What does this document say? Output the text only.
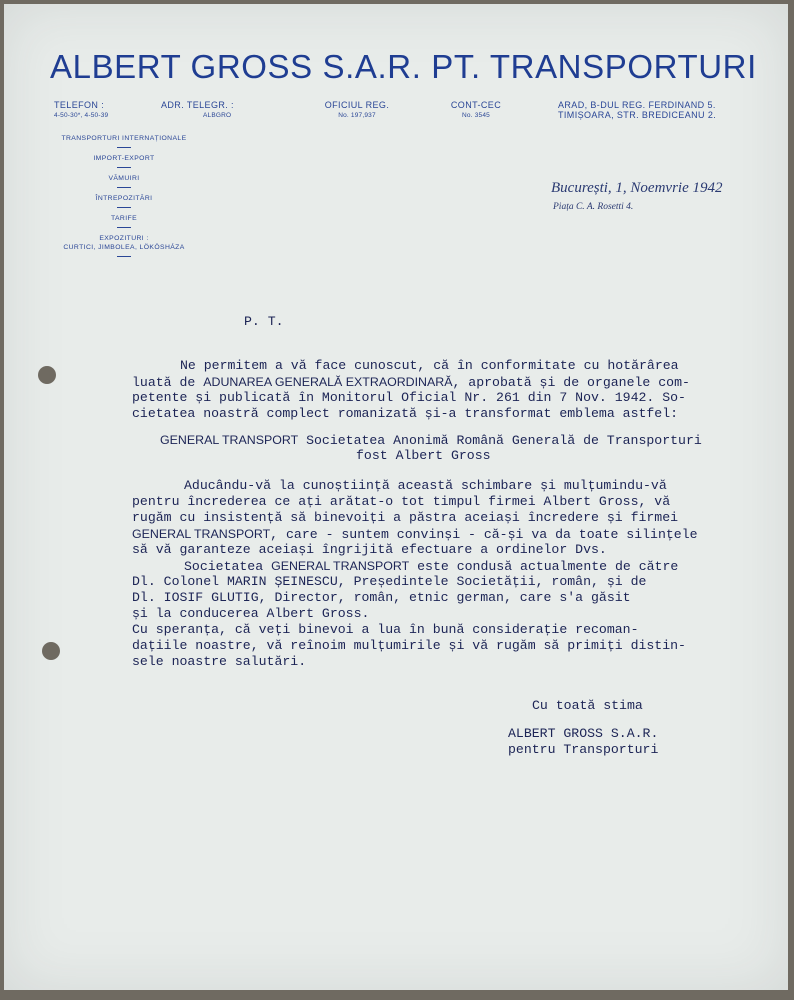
ALBERT GROSS S.A.R. PT. TRANSPORTURI
TELEFON :
4-50-30*, 4-50-39
ADR. TELEGR. :
ALBGRO
OFICIUL REG.
No. 197,937
CONT-CEC
No. 3545
ARAD, B-DUL REG. FERDINAND 5.
TIMIȘOARA, STR. BREDICEANU 2.
TRANSPORTURI INTERNAȚIONALE
IMPORT-EXPORT
VĂMUIRI
ÎNTREPOZITĂRI
TARIFE
EXPOZITURI :
CURTICI, JIMBOLEA, LÖKÖSHÁZA
București, 1, Noemvrie 1942
Piața C. A. Rosetti 4.
P. T.
Ne permitem a vă face cunoscut, că în conformitate cu hotărârea
luată de ADUNAREA GENERALĂ EXTRAORDINARĂ, aprobată și de organele com-
petente și publicată în Monitorul Oficial Nr. 261 din 7 Nov. 1942. So-
cietatea noastră complect romanizată și-a transformat emblema astfel:
GENERAL TRANSPORT Societatea Anonimă Română Generală de Transporturi
fost Albert Gross
Aducându-vă la cunoștiință această schimbare și mulțumindu-vă
pentru încrederea ce ați arătat-o tot timpul firmei Albert Gross, vă
rugăm cu insistență să binevoiți a păstra aceiași încredere și firmei
GENERAL TRANSPORT, care - suntem convinși - că-și va da toate silințele
să vă garanteze aceiași îngrijită efectuare a ordinelor Dvs.
Societatea GENERAL TRANSPORT este condusă actualmente de către
Dl. Colonel MARIN ȘEINESCU, Președintele Societății, român, și de
Dl. IOSIF GLUTIG, Director, român, etnic german, care s'a găsit
și la conducerea Albert Gross.
Cu speranța, că veți binevoi a lua în bună considerație recoman-
dațiile noastre, vă reînoim mulțumirile și vă rugăm să primiți distin-
sele noastre salutări.
Cu toată stima
ALBERT GROSS S.A.R.
pentru Transporturi
